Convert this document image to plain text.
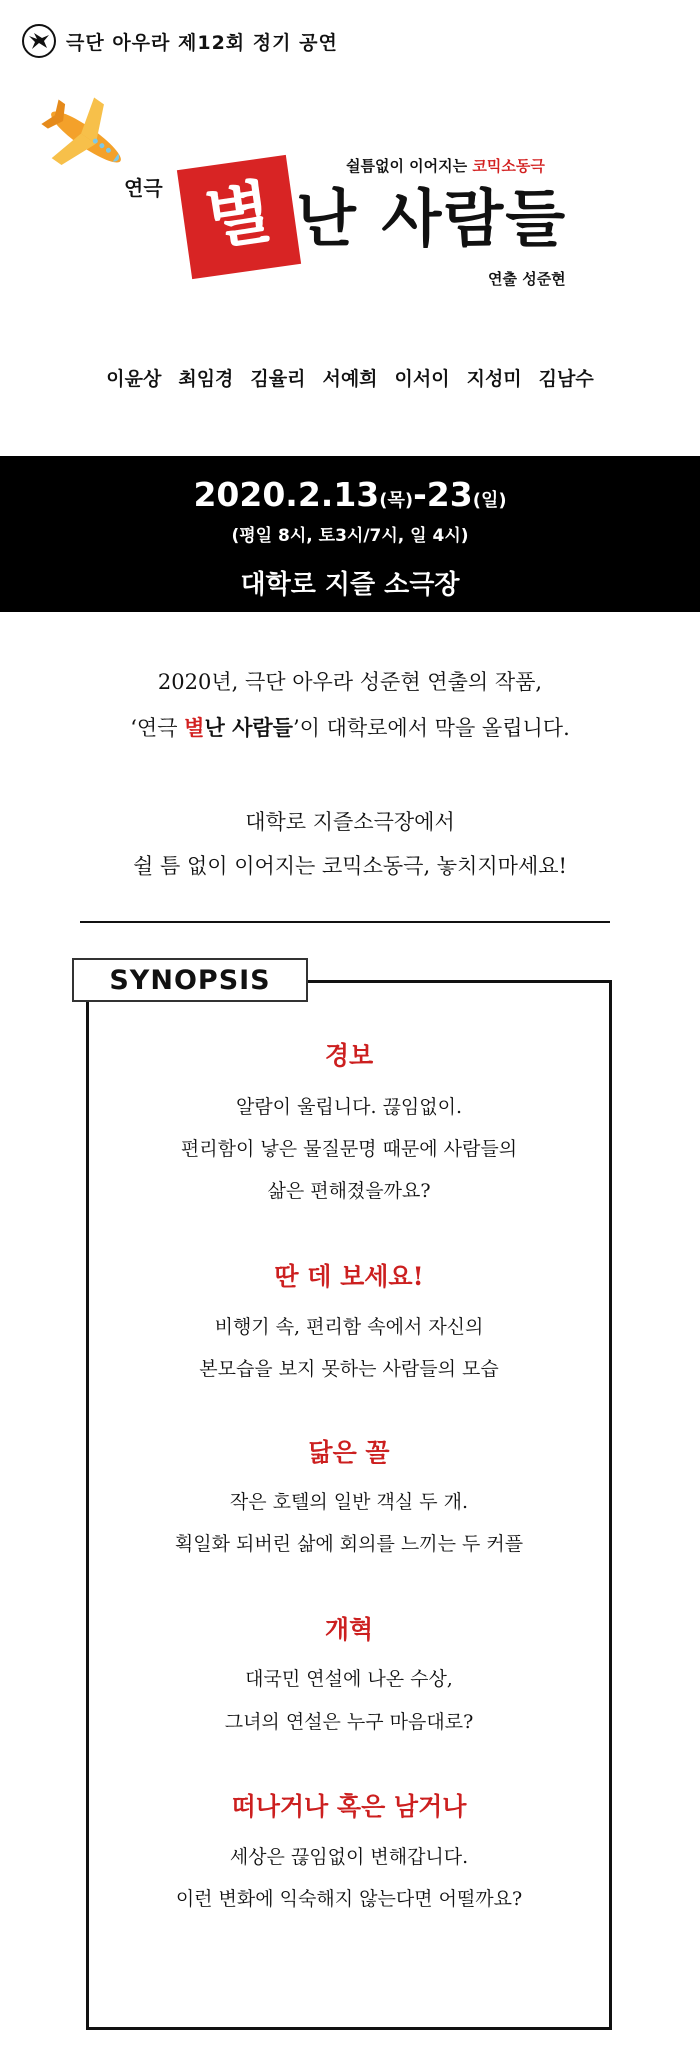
극단 아우라 제12회 정기 공연
쉴틈없이 이어지는 코믹소동극
연극 별 난 사람들
연출 성준현
이윤상 최임경 김율리 서예희 이서이 지성미 김남수
2020.2.13(목)-23(일)
(평일 8시, 토3시/7시, 일 4시)
대학로 지즐 소극장
2020년, 극단 아우라 성준현 연출의 작품,
‘연극 별난 사람들’이 대학로에서 막을 올립니다.
대학로 지즐소극장에서
쉴 틈 없이 이어지는 코믹소동극, 놓치지마세요!
SYNOPSIS
경보
알람이 울립니다. 끊임없이.
편리함이 낳은 물질문명 때문에 사람들의
삶은 편해졌을까요?
딴 데 보세요!
비행기 속, 편리함 속에서 자신의
본모습을 보지 못하는 사람들의 모습
닮은 꼴
작은 호텔의 일반 객실 두 개.
획일화 되버린 삶에 회의를 느끼는 두 커플
개혁
대국민 연설에 나온 수상,
그녀의 연설은 누구 마음대로?
떠나거나 혹은 남거나
세상은 끊임없이 변해갑니다.
이런 변화에 익숙해지 않는다면 어떨까요?
